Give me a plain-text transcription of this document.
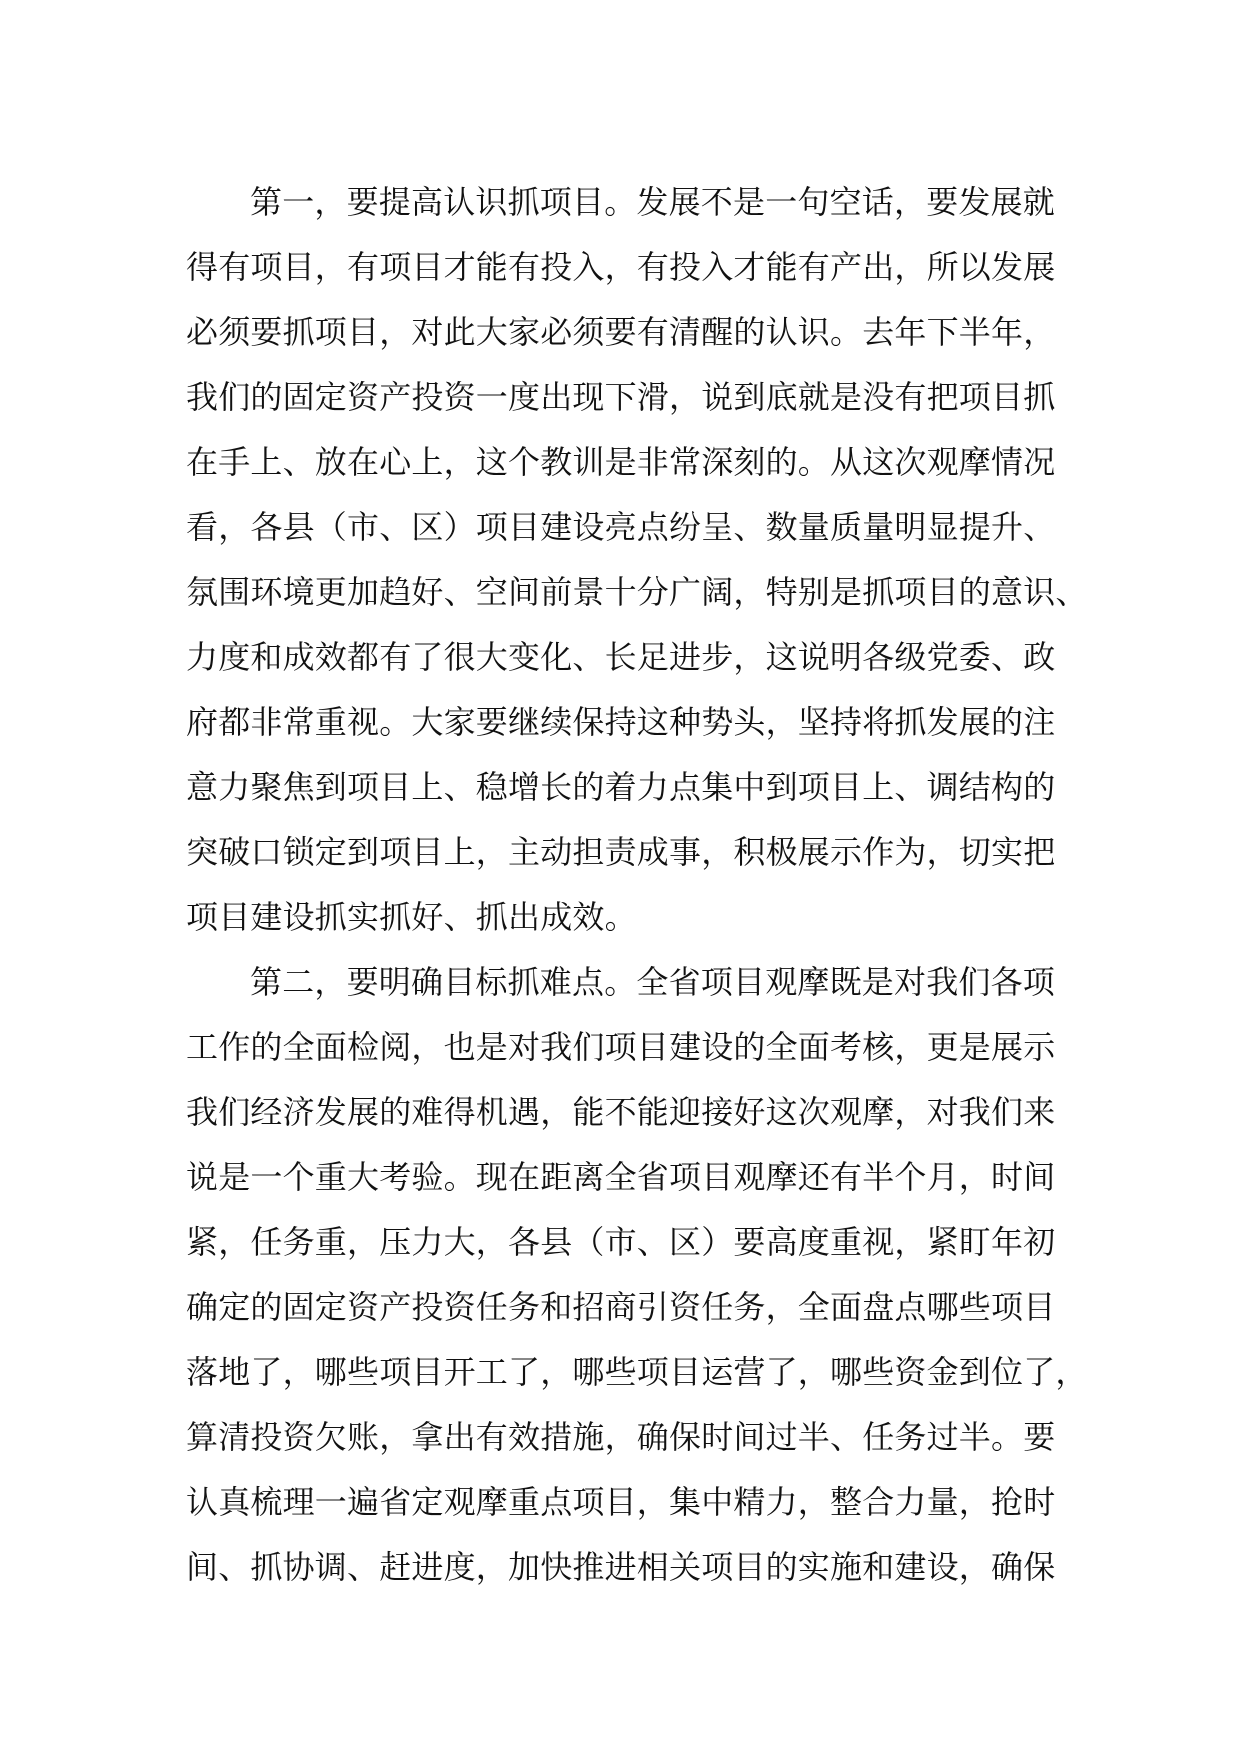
第一，要提高认识抓项目。发展不是一句空话，要发展就
得有项目，有项目才能有投入，有投入才能有产出，所以发展
必须要抓项目，对此大家必须要有清醒的认识。去年下半年，
我们的固定资产投资一度出现下滑，说到底就是没有把项目抓
在手上、放在心上，这个教训是非常深刻的。从这次观摩情况
看，各县（市、区）项目建设亮点纷呈、数量质量明显提升、
氛围环境更加趋好、空间前景十分广阔，特别是抓项目的意识、
力度和成效都有了很大变化、长足进步，这说明各级党委、政
府都非常重视。大家要继续保持这种势头，坚持将抓发展的注
意力聚焦到项目上、稳增长的着力点集中到项目上、调结构的
突破口锁定到项目上，主动担责成事，积极展示作为，切实把
项目建设抓实抓好、抓出成效。
第二，要明确目标抓难点。全省项目观摩既是对我们各项
工作的全面检阅，也是对我们项目建设的全面考核，更是展示
我们经济发展的难得机遇，能不能迎接好这次观摩，对我们来
说是一个重大考验。现在距离全省项目观摩还有半个月，时间
紧，任务重，压力大，各县（市、区）要高度重视，紧盯年初
确定的固定资产投资任务和招商引资任务，全面盘点哪些项目
落地了，哪些项目开工了，哪些项目运营了，哪些资金到位了，
算清投资欠账，拿出有效措施，确保时间过半、任务过半。要
认真梳理一遍省定观摩重点项目，集中精力，整合力量，抢时
间、抓协调、赶进度，加快推进相关项目的实施和建设，确保
